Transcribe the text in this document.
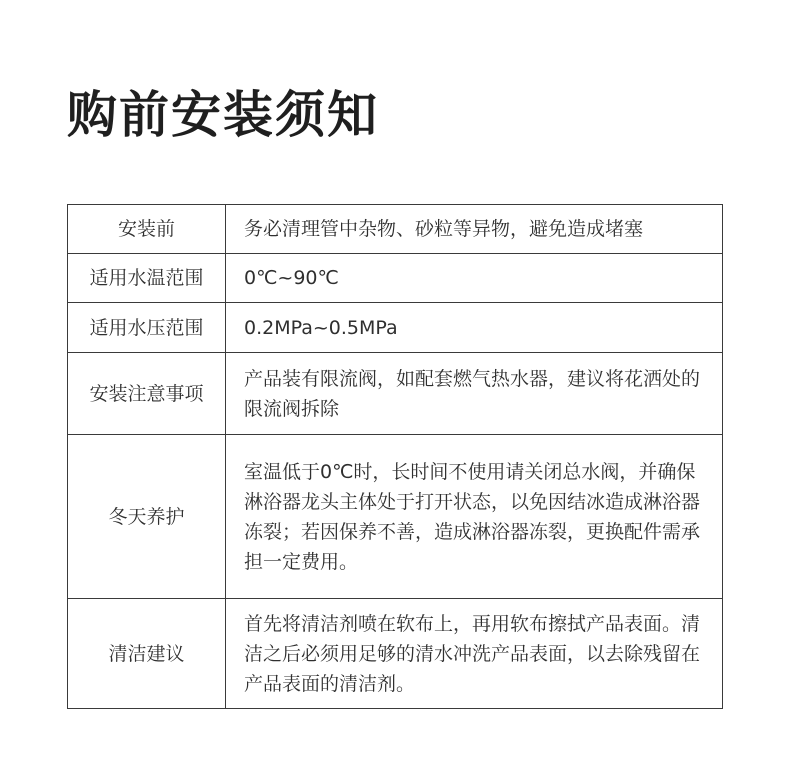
购前安装须知
安装前	务必清理管中杂物、砂粒等异物，避免造成堵塞
适用水温范围	0℃~90℃
适用水压范围	0.2MPa~0.5MPa
安装注意事项	产品装有限流阀，如配套燃气热水器，建议将花洒处的限流阀拆除
冬天养护	室温低于0℃时，长时间不使用请关闭总水阀，并确保淋浴器龙头主体处于打开状态，以免因结冰造成淋浴器冻裂；若因保养不善，造成淋浴器冻裂，更换配件需承担一定费用。
清洁建议	首先将清洁剂喷在软布上，再用软布擦拭产品表面。清洁之后必须用足够的清水冲洗产品表面，以去除残留在产品表面的清洁剂。
